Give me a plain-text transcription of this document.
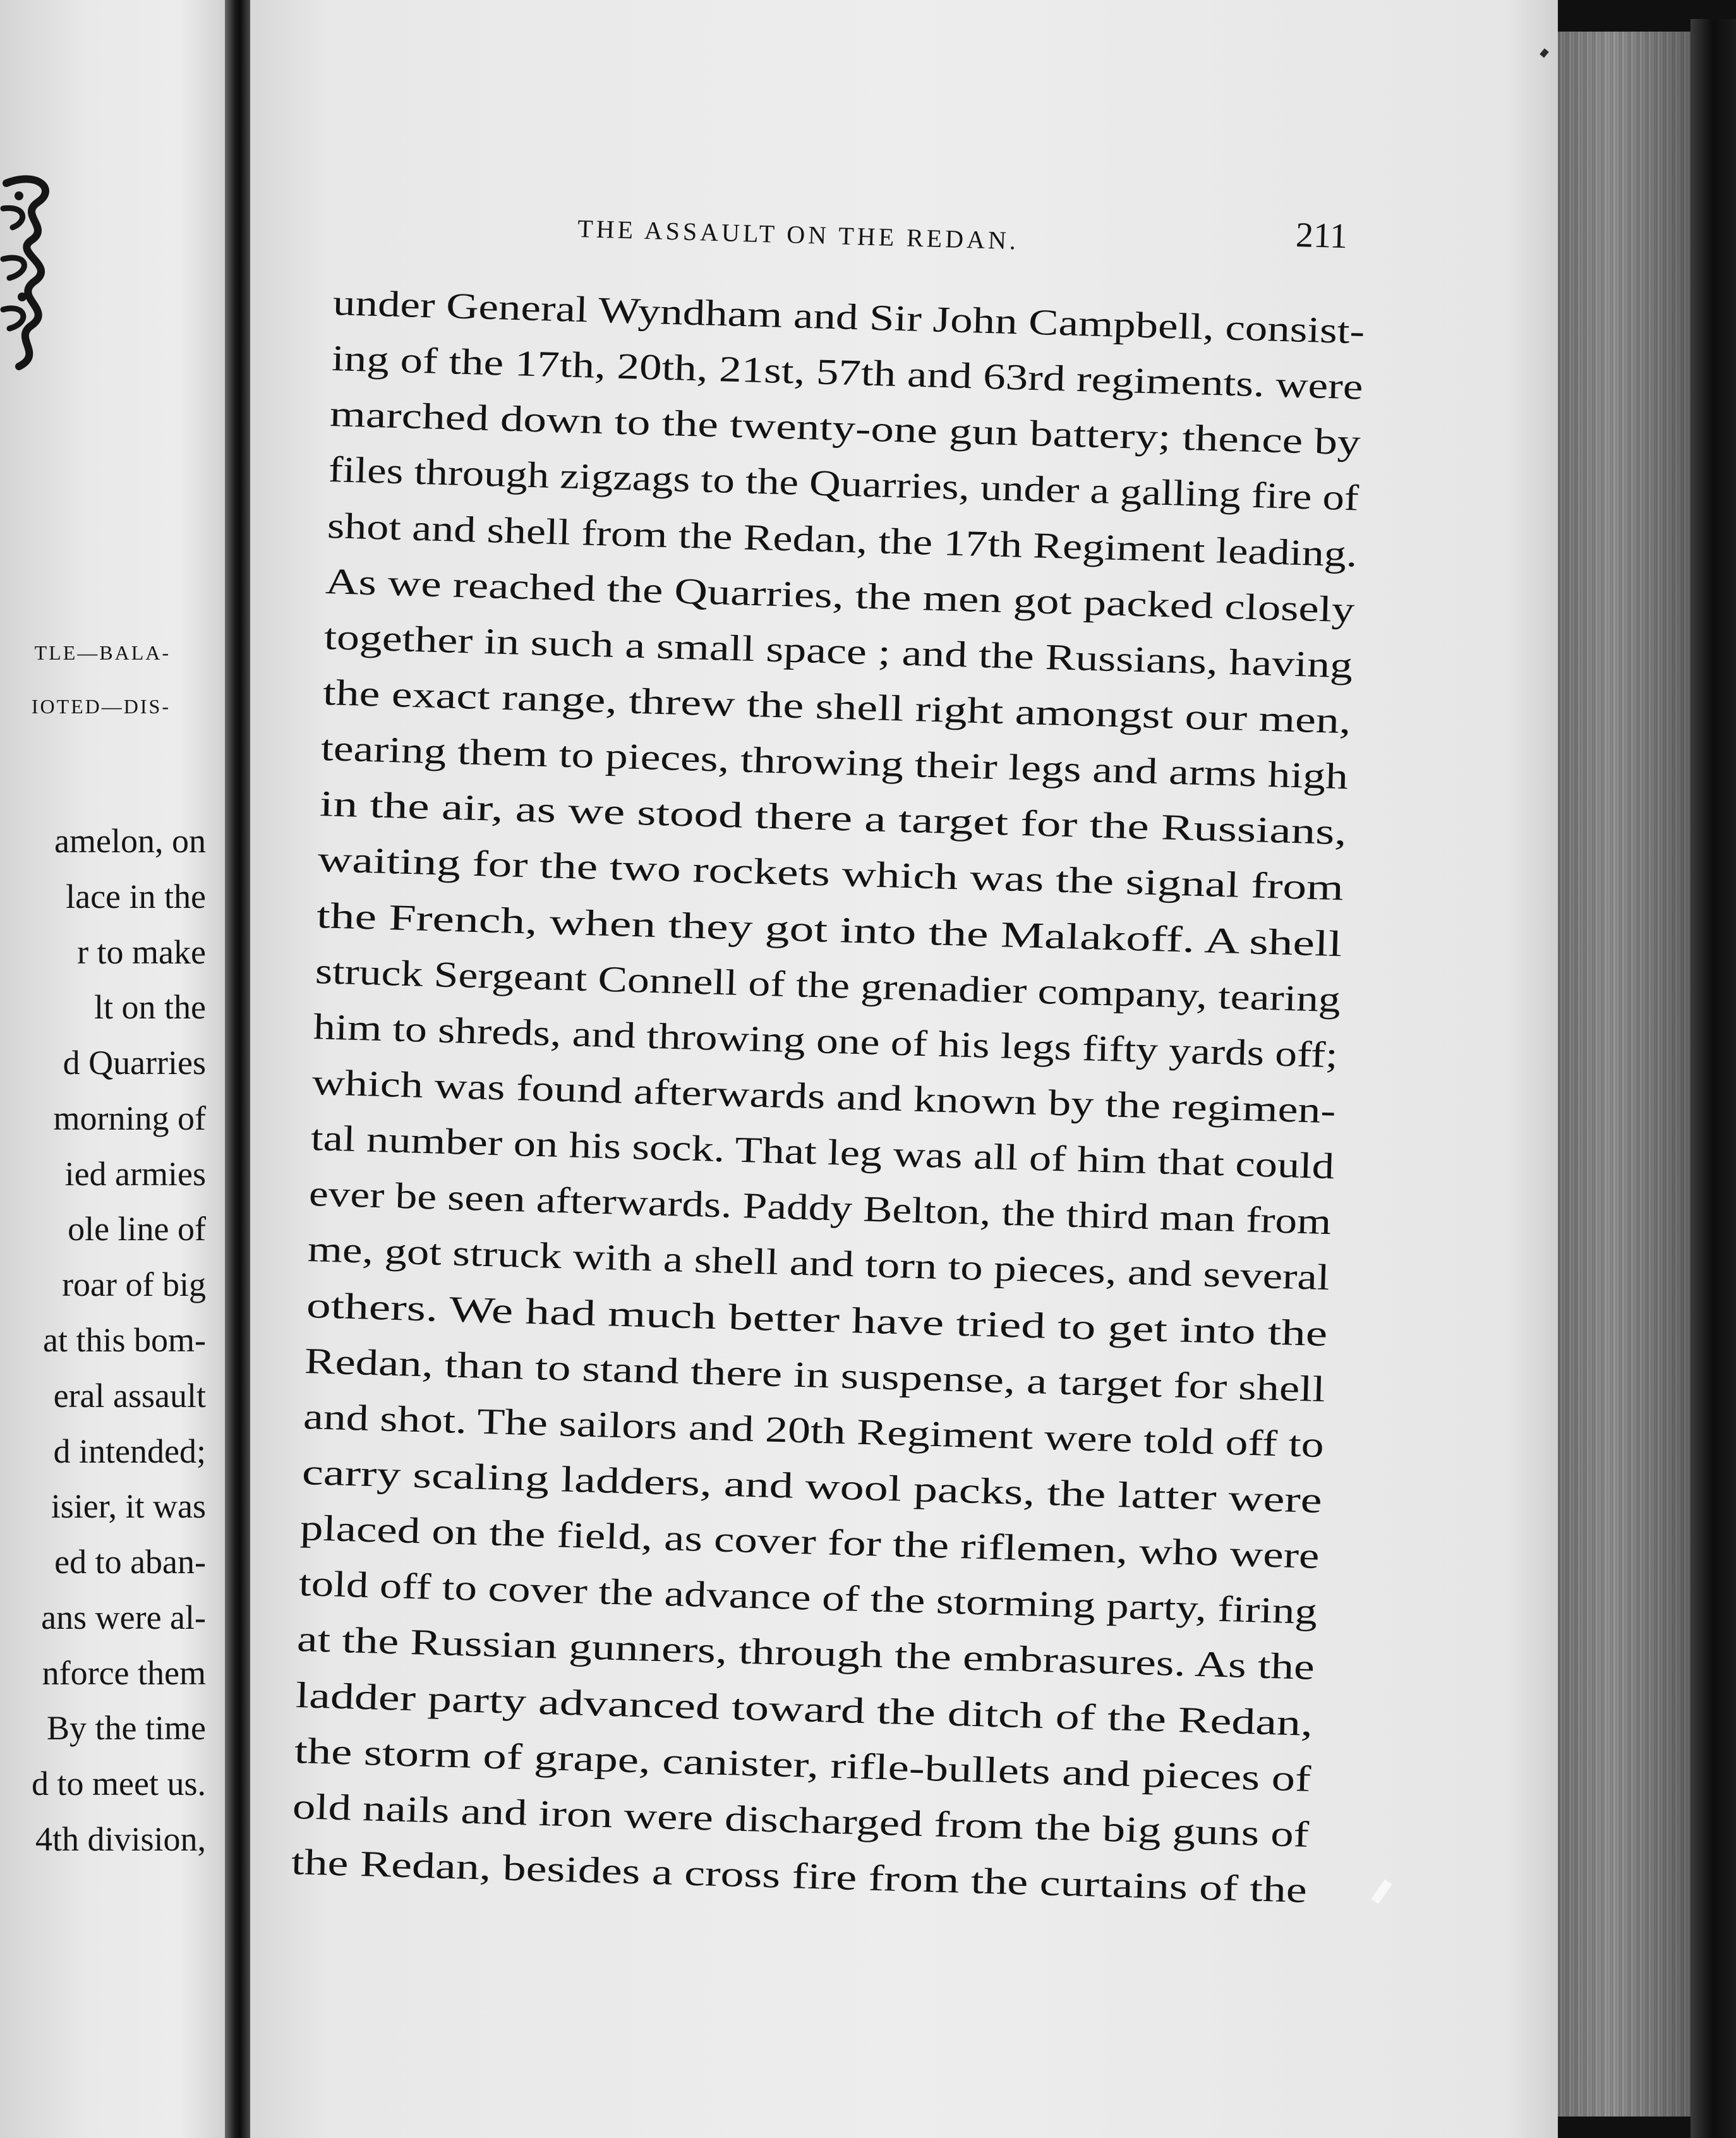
TLE—BALA-
IOTED—DIS-
amelon, on
lace in the
r to make
lt on the
d Quarries
morning of
ied armies
ole line of
roar of big
at this bom-
eral assault
d intended;
isier, it was
ed to aban-
ans were al-
nforce them
By the time
d to meet us.
4th division,
THE ASSAULT ON THE REDAN.	211
under General Wyndham and Sir John Campbell, consist-
ing of the 17th, 20th, 21st, 57th and 63rd regiments. were
marched down to the twenty-one gun battery; thence by
files through zigzags to the Quarries, under a galling fire of
shot and shell from the Redan, the 17th Regiment leading.
As we reached the Quarries, the men got packed closely
together in such a small space ; and the Russians, having
the exact range, threw the shell right amongst our men,
tearing them to pieces, throwing their legs and arms high
in the air, as we stood there a target for the Russians,
waiting for the two rockets which was the signal from
the French, when they got into the Malakoff. A shell
struck Sergeant Connell of the grenadier company, tearing
him to shreds, and throwing one of his legs fifty yards off;
which was found afterwards and known by the regimen-
tal number on his sock. That leg was all of him that could
ever be seen afterwards. Paddy Belton, the third man from
me, got struck with a shell and torn to pieces, and several
others. We had much better have tried to get into the
Redan, than to stand there in suspense, a target for shell
and shot. The sailors and 20th Regiment were told off to
carry scaling ladders, and wool packs, the latter were
placed on the field, as cover for the riflemen, who were
told off to cover the advance of the storming party, firing
at the Russian gunners, through the embrasures. As the
ladder party advanced toward the ditch of the Redan,
the storm of grape, canister, rifle-bullets and pieces of
old nails and iron were discharged from the big guns of
the Redan, besides a cross fire from the curtains of the
